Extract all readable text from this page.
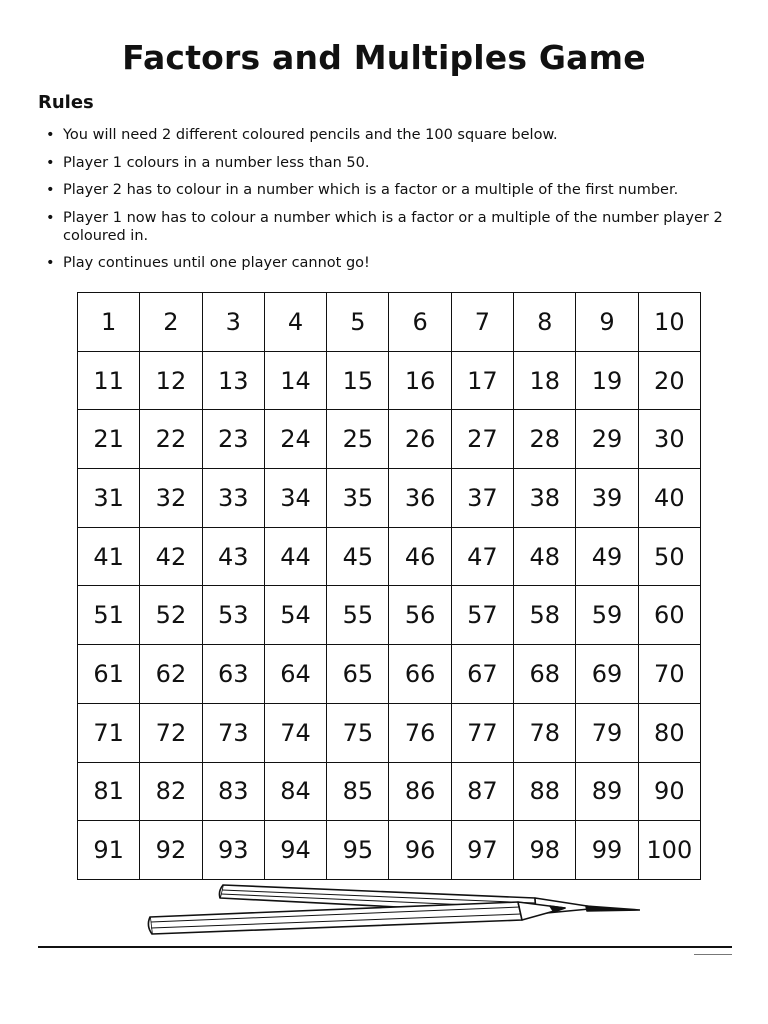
Factors and Multiples Game
Rules
• You will need 2 different coloured pencils and the 100 square below.
• Player 1 colours in a number less than 50.
• Player 2 has to colour in a number which is a factor or a multiple of the first number.
• Player 1 now has to colour a number which is a factor or a multiple of the number player 2 coloured in.
• Play continues until one player cannot go!
1	2	3	4	5	6	7	8	9	10
11	12	13	14	15	16	17	18	19	20
21	22	23	24	25	26	27	28	29	30
31	32	33	34	35	36	37	38	39	40
41	42	43	44	45	46	47	48	49	50
51	52	53	54	55	56	57	58	59	60
61	62	63	64	65	66	67	68	69	70
71	72	73	74	75	76	77	78	79	80
81	82	83	84	85	86	87	88	89	90
91	92	93	94	95	96	97	98	99	100
